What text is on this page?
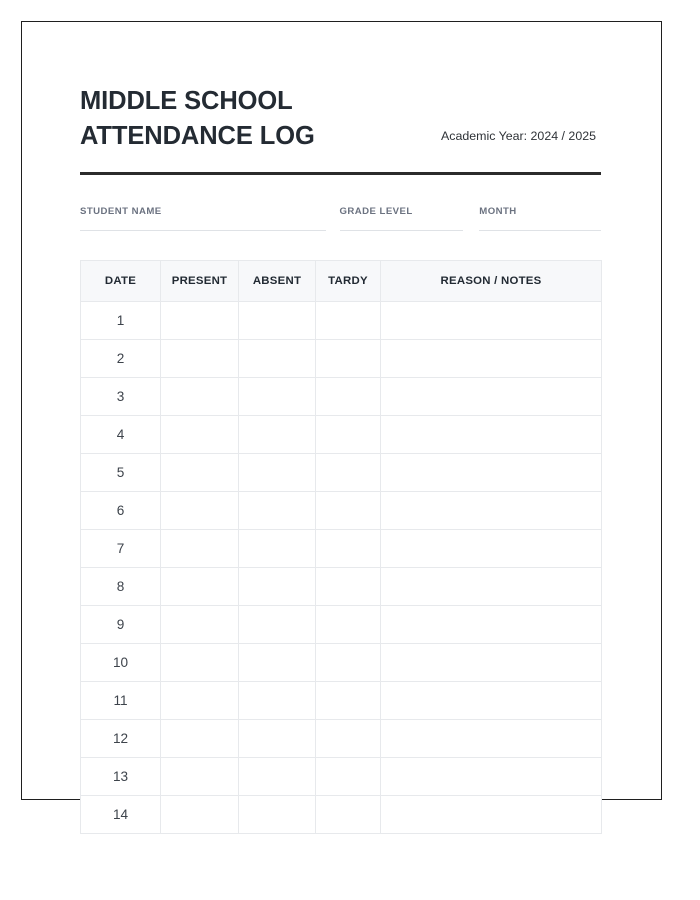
MIDDLE SCHOOL
ATTENDANCE LOG	Academic Year: 2024 / 2025
STUDENT NAME	GRADE LEVEL	MONTH
DATE	PRESENT	ABSENT	TARDY	REASON / NOTES
1				
2				
3				
4				
5				
6				
7				
8				
9				
10				
11				
12				
13				
14				
